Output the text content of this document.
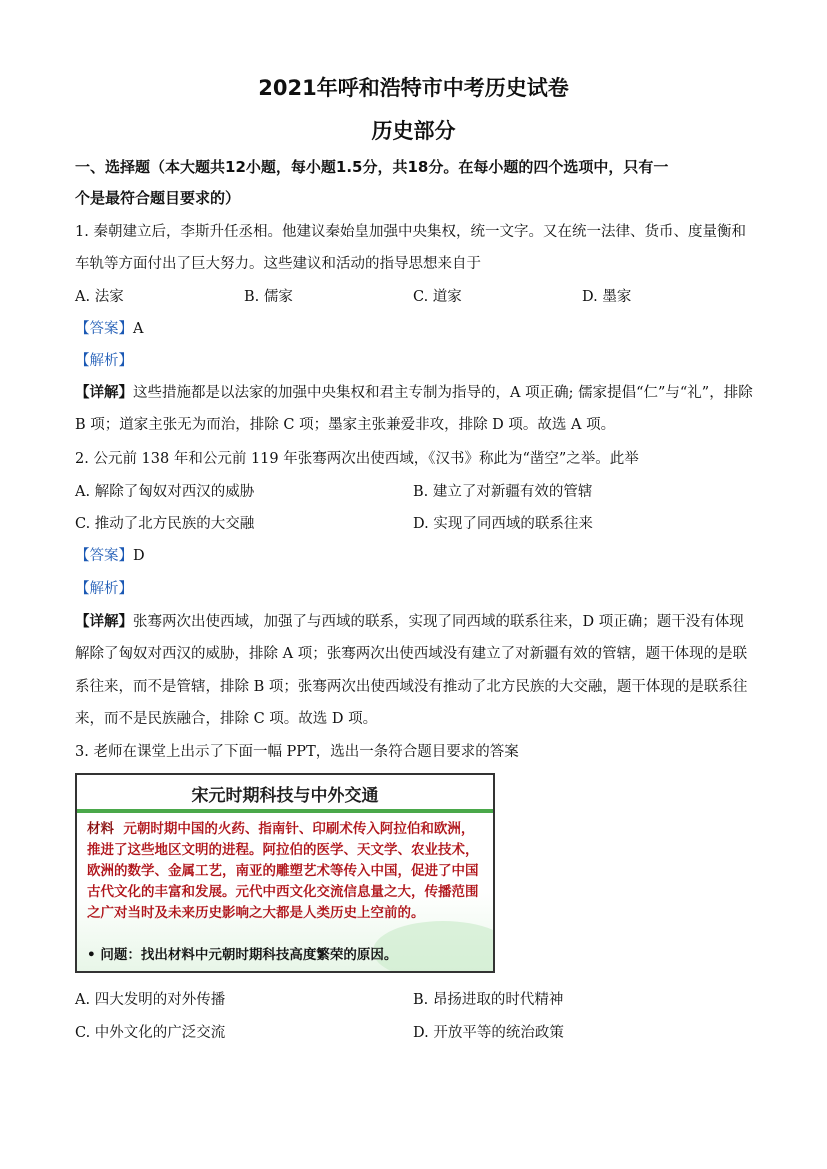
2021年呼和浩特市中考历史试卷
历史部分
一、选择题（本大题共12小题，每小题1.5分，共18分。在每小题的四个选项中，只有一
个是最符合题目要求的）
1. 秦朝建立后，李斯升任丞相。他建议秦始皇加强中央集权，统一文字。又在统一法律、货币、度量衡和
车轨等方面付出了巨大努力。这些建议和活动的指导思想来自于
A. 法家	B. 儒家	C. 道家	D. 墨家
【答案】A
【解析】
【详解】这些措施都是以法家的加强中央集权和君主专制为指导的，A 项正确; 儒家提倡“仁”与“礼”，排除
B 项；道家主张无为而治，排除 C 项；墨家主张兼爱非攻，排除 D 项。故选 A 项。
2. 公元前 138 年和公元前 119 年张骞两次出使西域，《汉书》称此为“凿空”之举。此举
A. 解除了匈奴对西汉的威胁	B. 建立了对新疆有效的管辖
C. 推动了北方民族的大交融	D. 实现了同西域的联系往来
【答案】D
【解析】
【详解】张骞两次出使西域，加强了与西域的联系，实现了同西域的联系往来，D 项正确；题干没有体现
解除了匈奴对西汉的威胁，排除 A 项；张骞两次出使西域没有建立了对新疆有效的管辖，题干体现的是联
系往来，而不是管辖，排除 B 项；张骞两次出使西域没有推动了北方民族的大交融，题干体现的是联系往
来，而不是民族融合，排除 C 项。故选 D 项。
3. 老师在课堂上出示了下面一幅 PPT，选出一条符合题目要求的答案
宋元时期科技与中外交通
材料 元朝时期中国的火药、指南针、印刷术传入阿拉伯和欧洲，推进了这些地区文明的进程。阿拉伯的医学、天文学、农业技术，欧洲的数学、金属工艺，南亚的雕塑艺术等传入中国，促进了中国古代文化的丰富和发展。元代中西文化交流信息量之大，传播范围之广对当时及未来历史影响之大都是人类历史上空前的。
• 问题：找出材料中元朝时期科技高度繁荣的原因。
A. 四大发明的对外传播	B. 昂扬进取的时代精神
C. 中外文化的广泛交流	D. 开放平等的统治政策
